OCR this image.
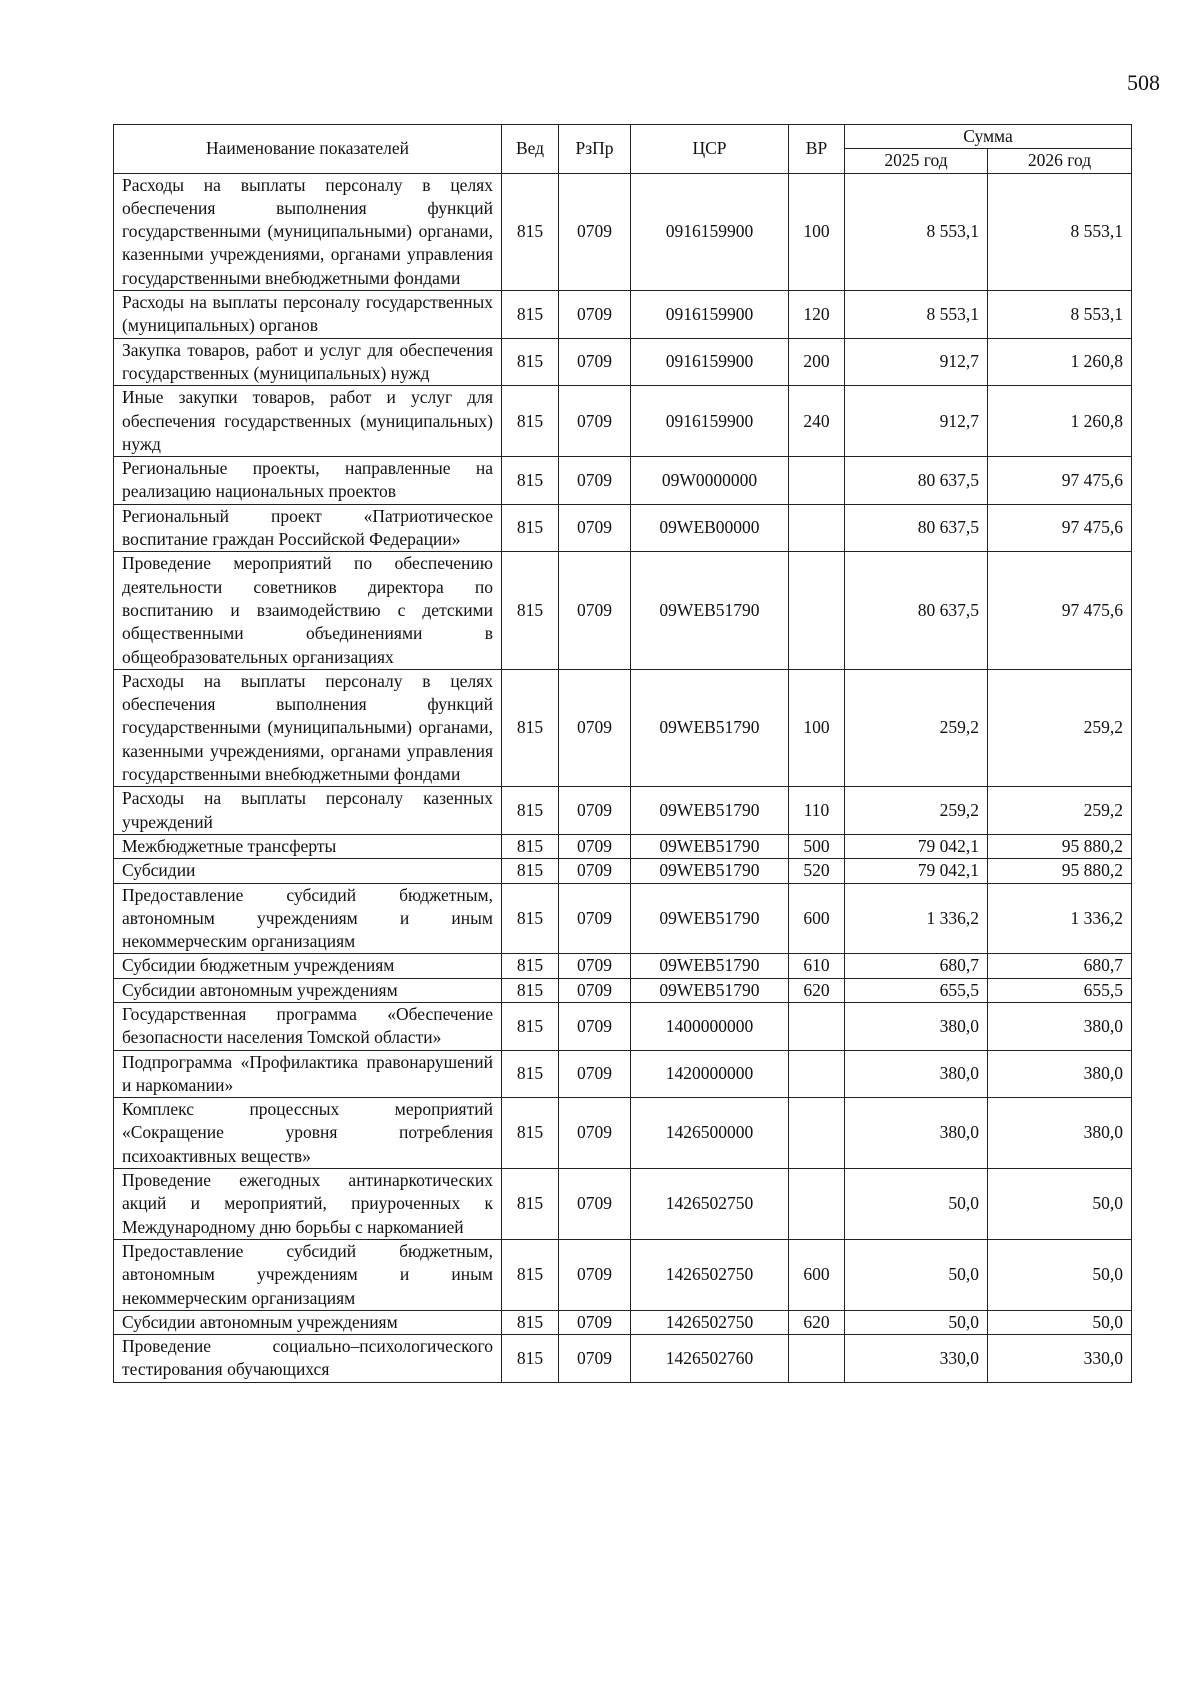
508
Наименование показателей	Вед	РзПр	ЦСР	ВР	Сумма	
					2025 год	2026 год
Расходы на выплаты персоналу в целях обеспечения выполнения функций государственными (муниципальными) органами, казенными учреждениями, органами управления государственными внебюджетными фондами	815	0709	0916159900	100	8 553,1	8 553,1
Расходы на выплаты персоналу государственных (муниципальных) органов	815	0709	0916159900	120	8 553,1	8 553,1
Закупка товаров, работ и услуг для обеспечения государственных (муниципальных) нужд	815	0709	0916159900	200	912,7	1 260,8
Иные закупки товаров, работ и услуг для обеспечения государственных (муниципальных) нужд	815	0709	0916159900	240	912,7	1 260,8
Региональные проекты, направленные на реализацию национальных проектов	815	0709	09W0000000		80 637,5	97 475,6
Региональный проект «Патриотическое воспитание граждан Российской Федерации»	815	0709	09WEB00000		80 637,5	97 475,6
Проведение мероприятий по обеспечению деятельности советников директора по воспитанию и взаимодействию с детскими общественными объединениями в общеобразовательных организациях	815	0709	09WEB51790		80 637,5	97 475,6
Расходы на выплаты персоналу в целях обеспечения выполнения функций государственными (муниципальными) органами, казенными учреждениями, органами управления государственными внебюджетными фондами	815	0709	09WEB51790	100	259,2	259,2
Расходы на выплаты персоналу казенных учреждений	815	0709	09WEB51790	110	259,2	259,2
Межбюджетные трансферты	815	0709	09WEB51790	500	79 042,1	95 880,2
Субсидии	815	0709	09WEB51790	520	79 042,1	95 880,2
Предоставление субсидий бюджетным, автономным учреждениям и иным некоммерческим организациям	815	0709	09WEB51790	600	1 336,2	1 336,2
Субсидии бюджетным учреждениям	815	0709	09WEB51790	610	680,7	680,7
Субсидии автономным учреждениям	815	0709	09WEB51790	620	655,5	655,5
Государственная программа «Обеспечение безопасности населения Томской области»	815	0709	1400000000		380,0	380,0
Подпрограмма «Профилактика правонарушений и наркомании»	815	0709	1420000000		380,0	380,0
Комплекс процессных мероприятий «Сокращение уровня потребления психоактивных веществ»	815	0709	1426500000		380,0	380,0
Проведение ежегодных антинаркотических акций и мероприятий, приуроченных к Международному дню борьбы с наркоманией	815	0709	1426502750		50,0	50,0
Предоставление субсидий бюджетным, автономным учреждениям и иным некоммерческим организациям	815	0709	1426502750	600	50,0	50,0
Субсидии автономным учреждениям	815	0709	1426502750	620	50,0	50,0
Проведение социально–психологического тестирования обучающихся	815	0709	1426502760		330,0	330,0
